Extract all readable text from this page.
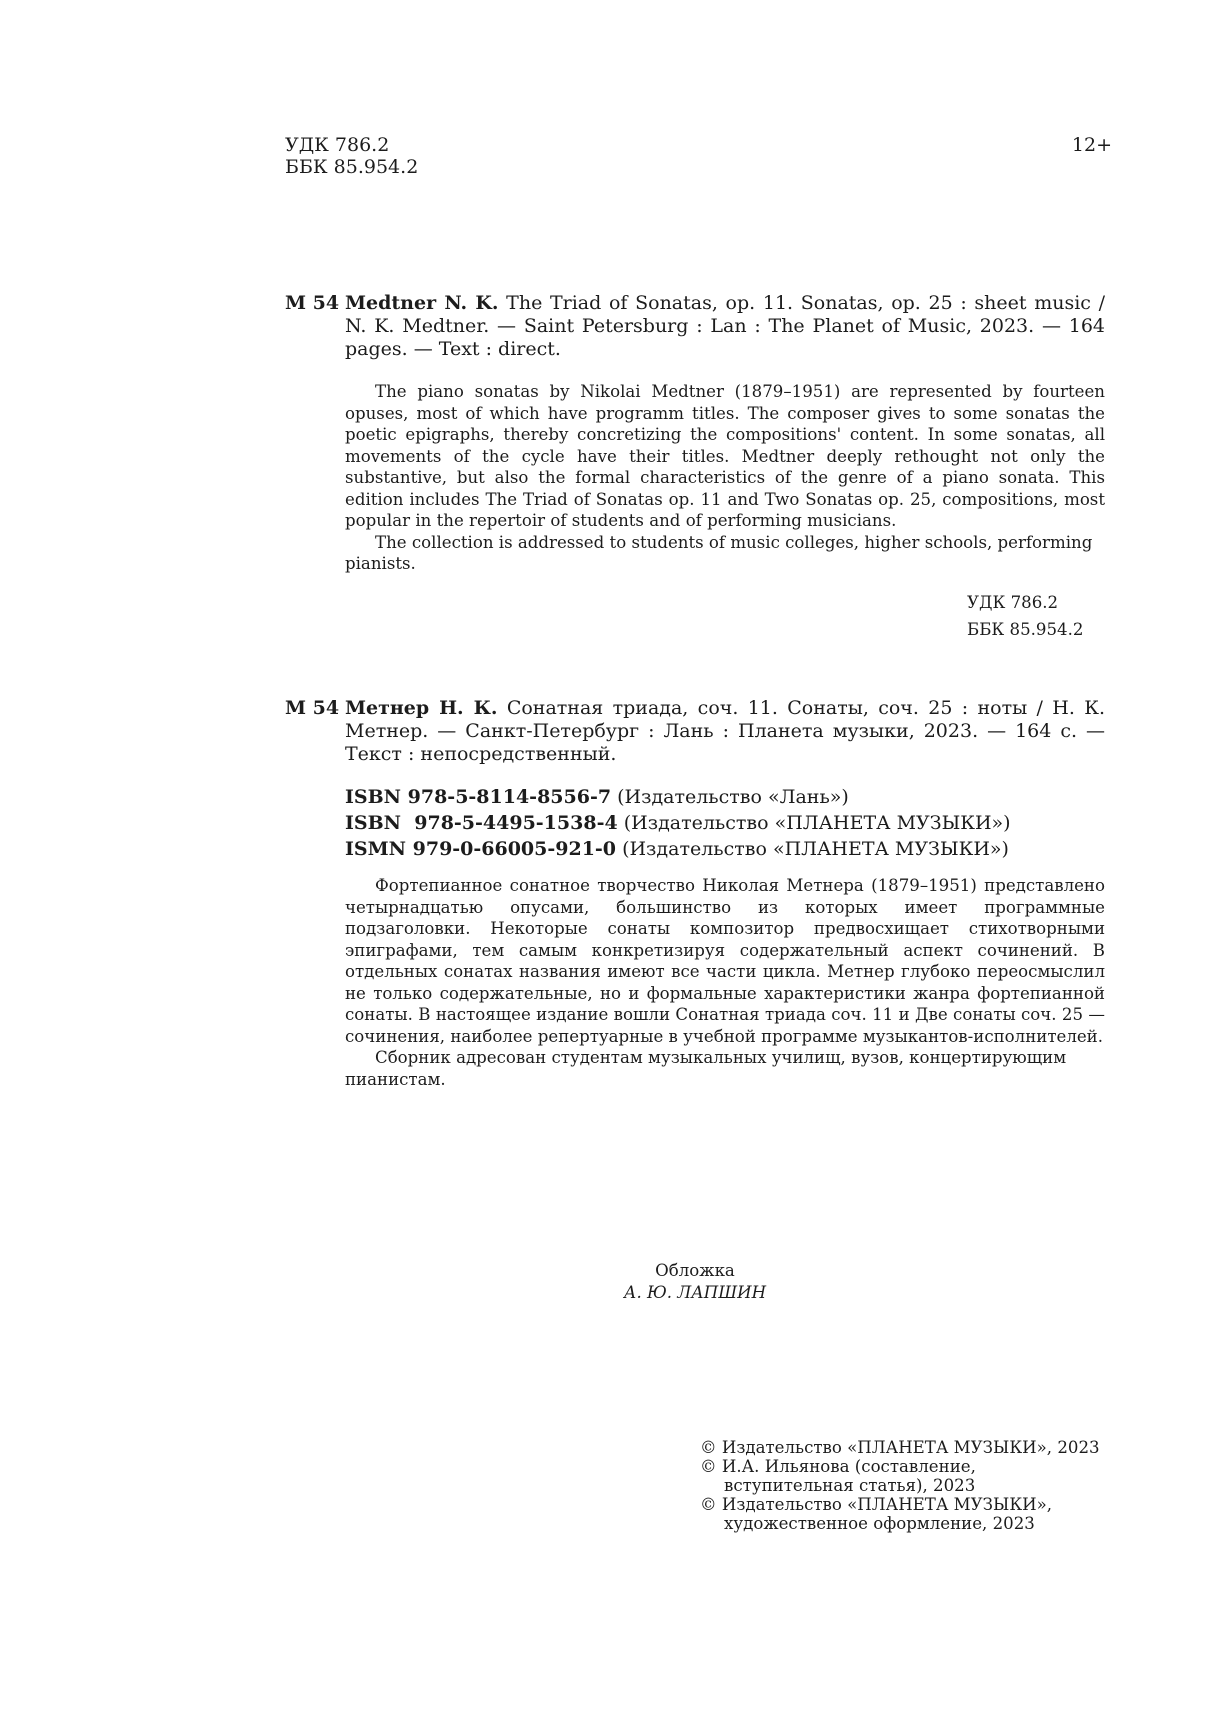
УДК 786.2
ББК 85.954.2
12+
М 54 Medtner N. K. The Triad of Sonatas, op. 11. Sonatas, op. 25 : sheet music / N. K. Medtner. — Saint Petersburg : Lan : The Planet of Music, 2023. — 164 pages. — Text : direct.

The piano sonatas by Nikolai Medtner (1879–1951) are represented by fourteen opuses, most of which have programm titles. The composer gives to some sonatas the poetic epigraphs, thereby concretizing the compositions' content. In some sonatas, all movements of the cycle have their titles. Medtner deeply rethought not only the substantive, but also the formal characteristics of the genre of a piano sonata. This edition includes The Triad of Sonatas op. 11 and Two Sonatas op. 25, compositions, most popular in the repertoir of students and of performing musicians.

The collection is addressed to students of music colleges, higher schools, performing pianists.

УДК 786.2
ББК 85.954.2
М 54 Метнер Н. К. Сонатная триада, соч. 11. Сонаты, соч. 25 : ноты / Н. К. Метнер. — Санкт-Петербург : Лань : Планета музыки, 2023. — 164 с. — Текст : непосредственный.

ISBN 978-5-8114-8556-7 (Издательство «Лань»)
ISBN  978-5-4495-1538-4 (Издательство «ПЛАНЕТА МУЗЫКИ»)
ISMN 979-0-66005-921-0 (Издательство «ПЛАНЕТА МУЗЫКИ»)

Фортепианное сонатное творчество Николая Метнера (1879–1951) представлено четырнадцатью опусами, большинство из которых имеет программные подзаголовки. Некоторые сонаты композитор предвосхищает стихотворными эпиграфами, тем самым конкретизируя содержательный аспект сочинений. В отдельных сонатах названия имеют все части цикла. Метнер глубоко переосмыслил не только содержательные, но и формальные характеристики жанра фортепианной сонаты. В настоящее издание вошли Сонатная триада соч. 11 и Две сонаты соч. 25 — сочинения, наиболее репертуарные в учебной программе музыкантов-исполнителей.

Сборник адресован студентам музыкальных училищ, вузов, концертирующим пианистам.

Обложка
А. Ю. ЛАПШИН
© Издательство «ПЛАНЕТА МУЗЫКИ», 2023
© И.А. Ильянова (составление, вступительная статья), 2023
© Издательство «ПЛАНЕТА МУЗЫКИ», художественное оформление, 2023
